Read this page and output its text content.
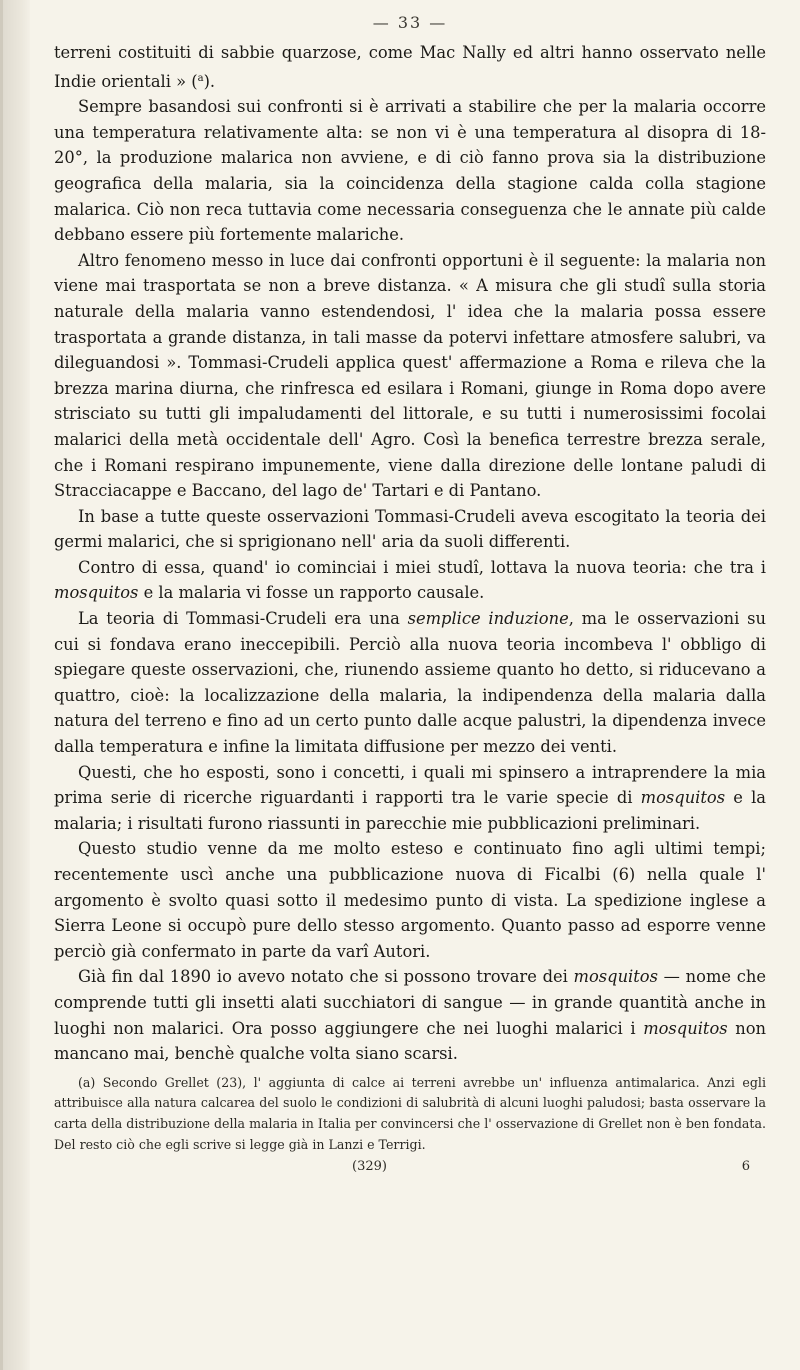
— 33 —

terreni costituiti di sabbie quarzose, come Mac Nally ed altri hanno osservato nelle Indie orientali » ($^a$).

Sempre basandosi sui confronti si è arrivati a stabilire che per la malaria occorre una temperatura relativamente alta: se non vi è una temperatura al disopra di 18-20°, la produzione malarica non avviene, e di ciò fanno prova sia la distribuzione geografica della malaria, sia la coincidenza della stagione calda colla stagione malarica. Ciò non reca tuttavia come necessaria conseguenza che le annate più calde debbano essere più fortemente malariche.

Altro fenomeno messo in luce dai confronti opportuni è il seguente: la malaria non viene mai trasportata se non a breve distanza. « A misura che gli studî sulla storia naturale della malaria vanno estendendosi, l' idea che la malaria possa essere trasportata a grande distanza, in tali masse da potervi infettare atmosfere salubri, va dileguandosi ». Tommasi-Crudeli applica quest' affermazione a Roma e rileva che la brezza marina diurna, che rinfresca ed esilara i Romani, giunge in Roma dopo avere strisciato su tutti gli impaludamenti del littorale, e su tutti i numerosissimi focolai malarici della metà occidentale dell' Agro. Così la benefica terrestre brezza serale, che i Romani respirano impunemente, viene dalla direzione delle lontane paludi di Stracciacappe e Baccano, del lago de' Tartari e di Pantano.

In base a tutte queste osservazioni Tommasi-Crudeli aveva escogitato la teoria dei germi malarici, che si sprigionano nell' aria da suoli differenti.

Contro di essa, quand' io cominciai i miei studî, lottava la nuova teoria: che tra i mosquitos e la malaria vi fosse un rapporto causale.

La teoria di Tommasi-Crudeli era una semplice induzione, ma le osservazioni su cui si fondava erano ineccepibili. Perciò alla nuova teoria incombeva l' obbligo di spiegare queste osservazioni, che, riunendo assieme quanto ho detto, si riducevano a quattro, cioè: la localizzazione della malaria, la indipendenza della malaria dalla natura del terreno e fino ad un certo punto dalle acque palustri, la dipendenza invece dalla temperatura e infine la limitata diffusione per mezzo dei venti.

Questi, che ho esposti, sono i concetti, i quali mi spinsero a intraprendere la mia prima serie di ricerche riguardanti i rapporti tra le varie specie di mosquitos e la malaria; i risultati furono riassunti in parecchie mie pubblicazioni preliminari.

Questo studio venne da me molto esteso e continuato fino agli ultimi tempi; recentemente uscì anche una pubblicazione nuova di Ficalbi (6) nella quale l' argomento è svolto quasi sotto il medesimo punto di vista. La spedizione inglese a Sierra Leone si occupò pure dello stesso argomento. Quanto passo ad esporre venne perciò già confermato in parte da varî Autori.

Già fin dal 1890 io avevo notato che si possono trovare dei mosquitos — nome che comprende tutti gli insetti alati succhiatori di sangue — in grande quantità anche in luoghi non malarici. Ora posso aggiungere che nei luoghi malarici i mosquitos non mancano mai, benchè qualche volta siano scarsi.

(a) Secondo Grellet (23), l' aggiunta di calce ai terreni avrebbe un' influenza antimalarica. Anzi egli attribuisce alla natura calcarea del suolo le condizioni di salubrità di alcuni luoghi paludosi; basta osservare la carta della distribuzione della malaria in Italia per convincersi che l' osservazione di Grellet non è ben fondata. Del resto ciò che egli scrive si legge già in Lanzi e Terrigi.
(329)	6
